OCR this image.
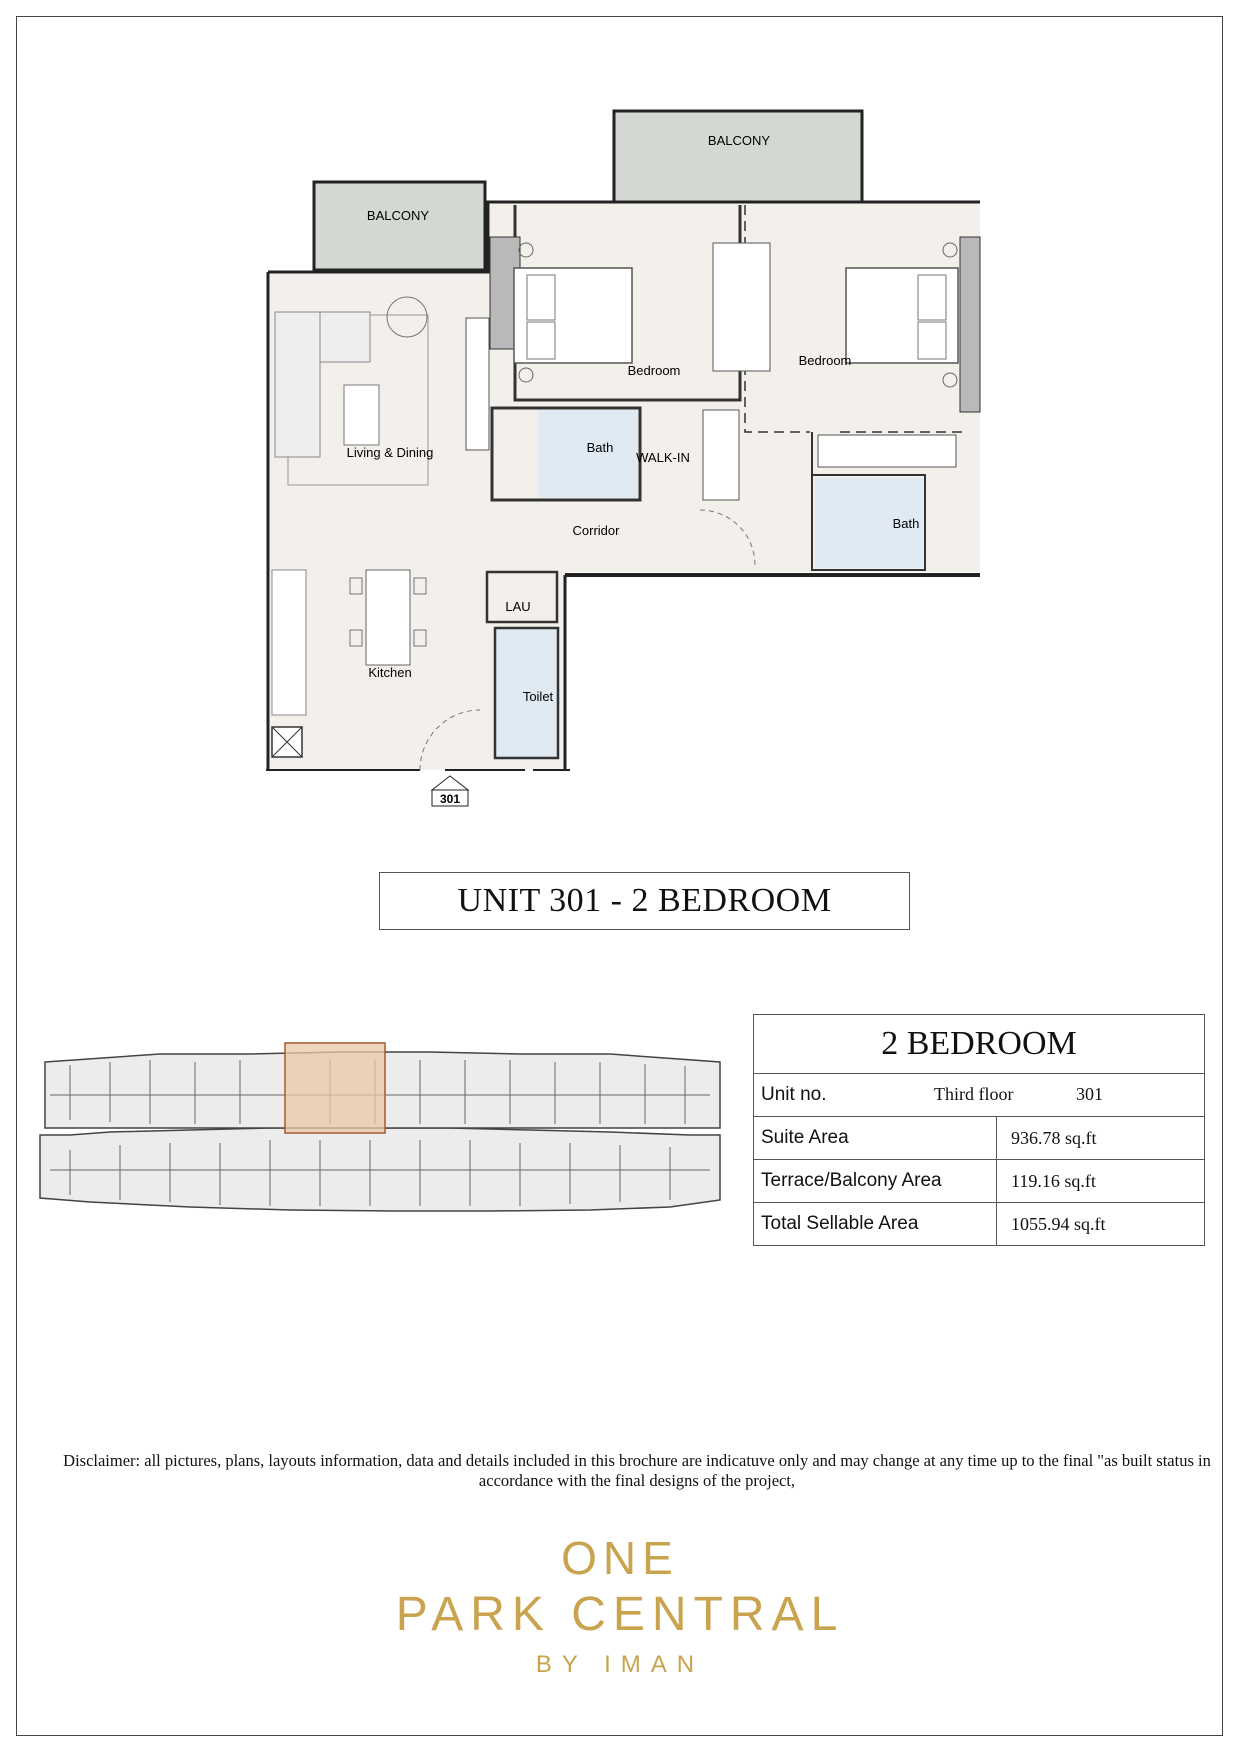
BALCONY
BALCONY
Bedroom
Bedroom
Living & Dining	Bath
WALK-IN
Corridor	Bath
LAU
Kitchen
Toilet
301
UNIT 301 - 2 BEDROOM
2 BEDROOM	
Unit no. Third floor 301	

Suite Area	936.78 sq.ft
Terrace/Balcony Area	119.16 sq.ft
Total Sellable Area	1055.94 sq.ft
Disclaimer: all pictures, plans, layouts information, data and details included in this brochure are indicatuve only and may change at any time up to the final "as built status in accordance with the final designs of the project,
ONE
PARK CENTRAL
BY IMAN
